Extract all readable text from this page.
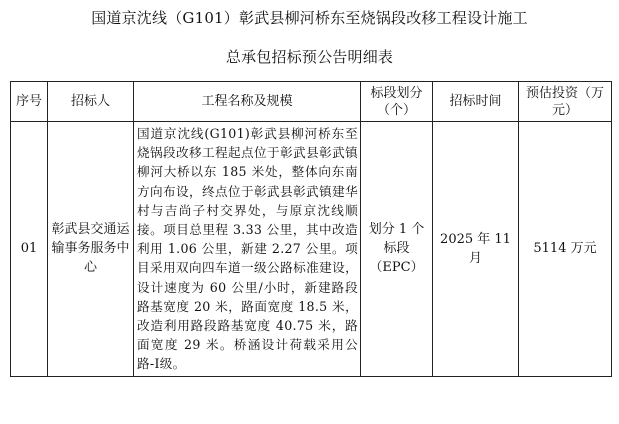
国道京沈线（G101）彰武县柳河桥东至烧锅段改移工程设计施工
总承包招标预公告明细表
序号	招标人	工程名称及规模	标段划分（个）	招标时间	预估投资（万元）
01	彰武县交通运输事务服务中心	国道京沈线(G101)彰武县柳河桥东至烧锅段改移工程起点位于彰武县彰武镇柳河大桥以东 185 米处，整体向东南方向布设，终点位于彰武县彰武镇建华村与吉尚子村交界处，与原京沈线顺接。项目总里程 3.33 公里，其中改造利用 1.06 公里，新建 2.27 公里。项目采用双向四车道一级公路标准建设，设计速度为 60 公里/小时，新建路段路基宽度 20 米，路面宽度 18.5 米，改造利用路段路基宽度 40.75 米，路面宽度 29 米。桥涵设计荷载采用公路-Ⅰ级。	划分 1 个标段（EPC）	2025 年 11 月	5114 万元
